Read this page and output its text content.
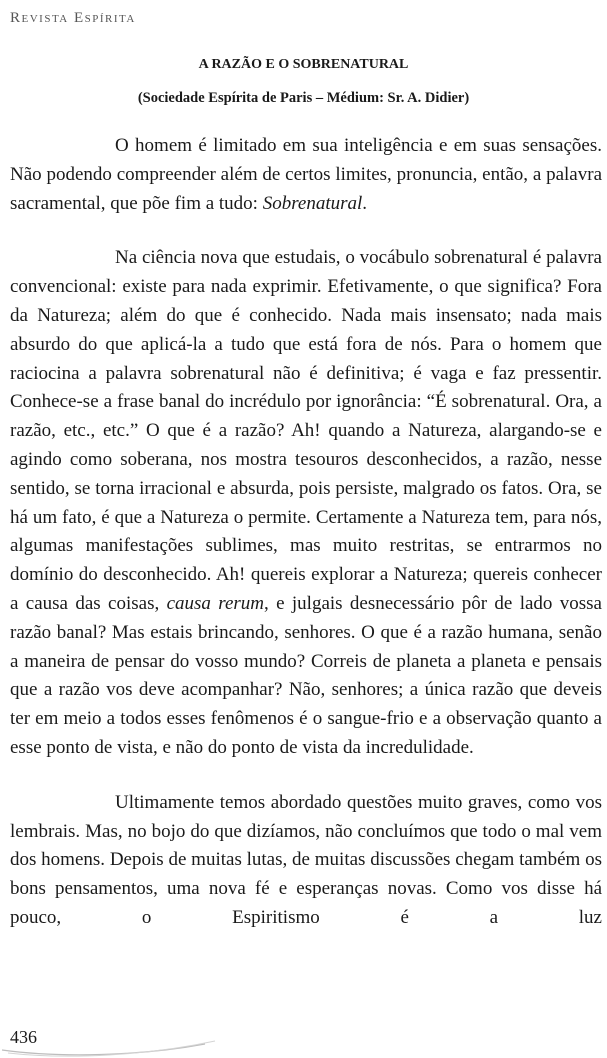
Revista Espírita
A RAZÃO E O SOBRENATURAL
(Sociedade Espírita de Paris – Médium: Sr. A. Didier)

O homem é limitado em sua inteligência e em suas sensações. Não podendo compreender além de certos limites, pronuncia, então, a palavra sacramental, que põe fim a tudo: Sobrenatural.

Na ciência nova que estudais, o vocábulo sobrenatural é palavra convencional: existe para nada exprimir. Efetivamente, o que significa? Fora da Natureza; além do que é conhecido. Nada mais insensato; nada mais absurdo do que aplicá-la a tudo que está fora de nós. Para o homem que raciocina a palavra sobrenatural não é definitiva; é vaga e faz pressentir. Conhece-se a frase banal do incrédulo por ignorância: “É sobrenatural. Ora, a razão, etc., etc.” O que é a razão? Ah! quando a Natureza, alargando-se e agindo como soberana, nos mostra tesouros desconhecidos, a razão, nesse sentido, se torna irracional e absurda, pois persiste, malgrado os fatos. Ora, se há um fato, é que a Natureza o permite. Certamente a Natureza tem, para nós, algumas manifestações sublimes, mas muito restritas, se entrarmos no domínio do desconhecido. Ah! quereis explorar a Natureza; quereis conhecer a causa das coisas, causa rerum, e julgais desnecessário pôr de lado vossa razão banal? Mas estais brincando, senhores. O que é a razão humana, senão a maneira de pensar do vosso mundo? Correis de planeta a planeta e pensais que a razão vos deve acompanhar? Não, senhores; a única razão que deveis ter em meio a todos esses fenômenos é o sangue-frio e a observação quanto a esse ponto de vista, e não do ponto de vista da incredulidade.

Ultimamente temos abordado questões muito graves, como vos lembrais. Mas, no bojo do que dizíamos, não concluímos que todo o mal vem dos homens. Depois de muitas lutas, de muitas discussões chegam também os bons pensamentos, uma nova fé e esperanças novas. Como vos disse há pouco, o Espiritismo é a luz

436
